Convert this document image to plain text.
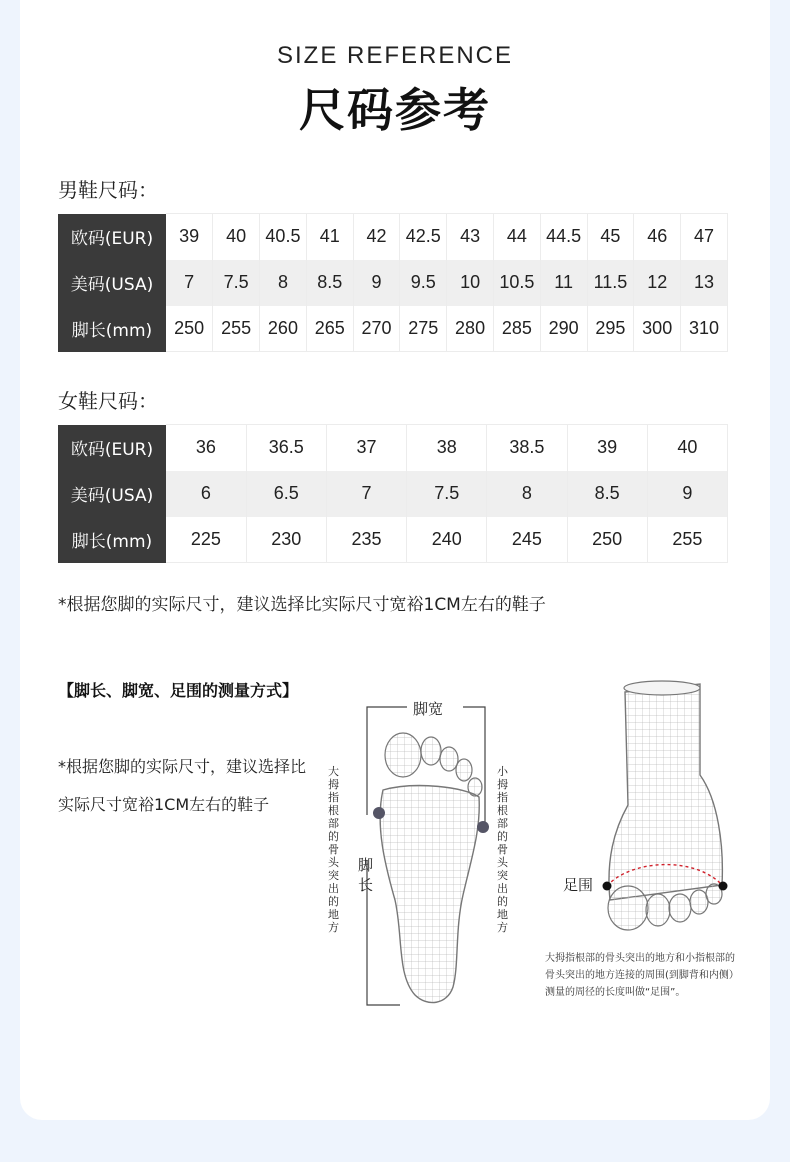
SIZE REFERENCE
尺码参考
男鞋尺码：
欧码(EUR)	39	40	40.5	41	42	42.5	43	44	44.5	45	46	47
美码(USA)	7	7.5	8	8.5	9	9.5	10	10.5	11	11.5	12	13
脚长(mm)	250	255	260	265	270	275	280	285	290	295	300	310
女鞋尺码：
欧码(EUR)	36	36.5	37	38	38.5	39	40
美码(USA)	6	6.5	7	7.5	8	8.5	9
脚长(mm)	225	230	235	240	245	250	255
*根据您脚的实际尺寸，建议选择比实际尺寸宽裕1CM左右的鞋子
【脚长、脚宽、足围的测量方式】
*根据您脚的实际尺寸，建议选择比实际尺寸宽裕1CM左右的鞋子
脚宽
脚长
大拇指根部的骨头突出的地方
小拇指根部的骨头突出的地方
足围
大拇指根部的骨头突出的地方和小指根部的骨头突出的地方连接的周围(到脚背和内侧）测量的周径的长度叫做“足围”。
